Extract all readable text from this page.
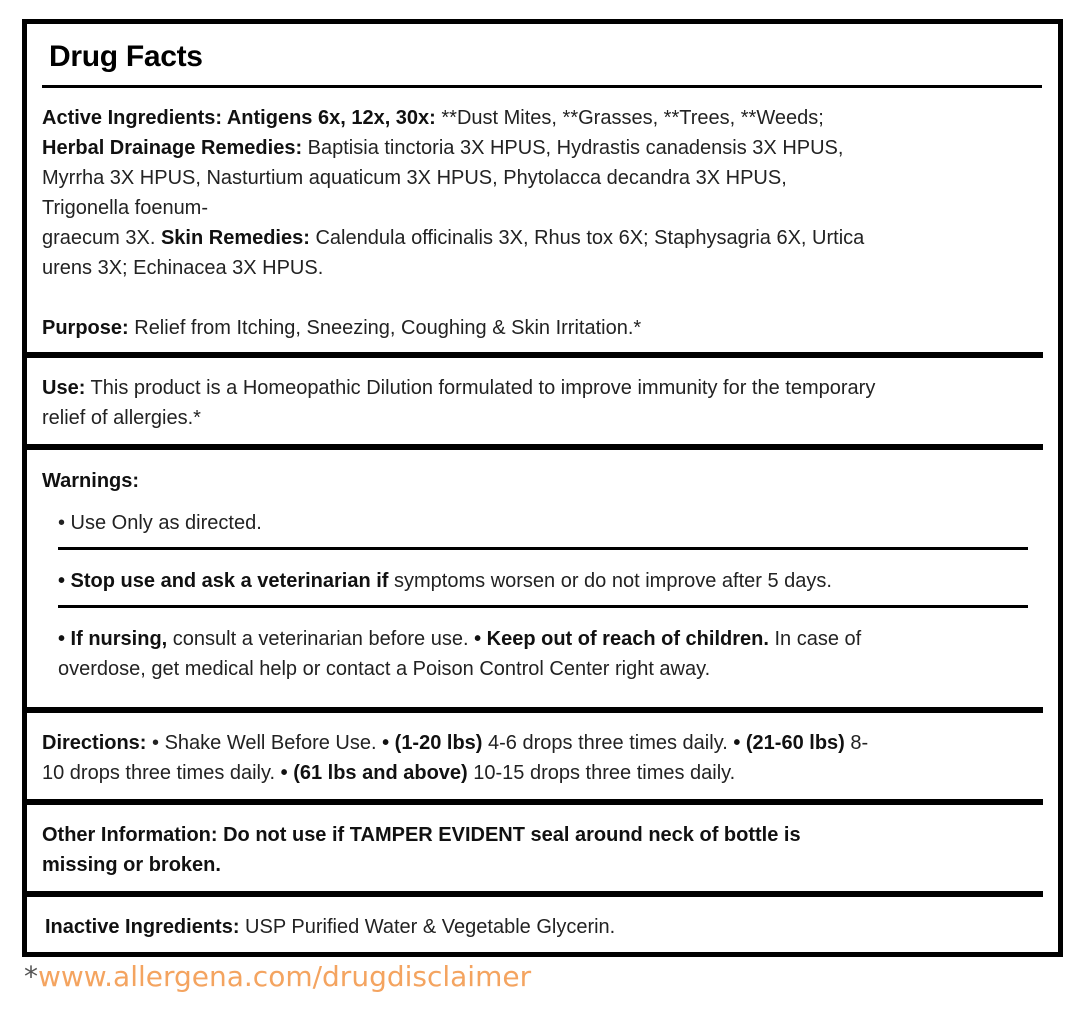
Drug Facts
Active Ingredients: Antigens 6x, 12x, 30x: **Dust Mites, **Grasses, **Trees, **Weeds;
Herbal Drainage Remedies: Baptisia tinctoria 3X HPUS, Hydrastis canadensis 3X HPUS,
Myrrha 3X HPUS, Nasturtium aquaticum 3X HPUS, Phytolacca decandra 3X HPUS,
Trigonella foenum-
graecum 3X. Skin Remedies: Calendula officinalis 3X, Rhus tox 6X; Staphysagria 6X, Urtica
urens 3X; Echinacea 3X HPUS.
Purpose: Relief from Itching, Sneezing, Coughing & Skin Irritation.*
Use: This product is a Homeopathic Dilution formulated to improve immunity for the temporary
relief of allergies.*
Warnings:
• Use Only as directed.
• Stop use and ask a veterinarian if symptoms worsen or do not improve after 5 days.
• If nursing, consult a veterinarian before use. • Keep out of reach of children. In case of
overdose, get medical help or contact a Poison Control Center right away.
Directions: • Shake Well Before Use. • (1-20 lbs) 4-6 drops three times daily. • (21-60 lbs) 8-
10 drops three times daily. • (61 lbs and above) 10-15 drops three times daily.
Other Information: Do not use if TAMPER EVIDENT seal around neck of bottle is
missing or broken.
Inactive Ingredients: USP Purified Water & Vegetable Glycerin.
*www.allergena.com/drugdisclaimer
